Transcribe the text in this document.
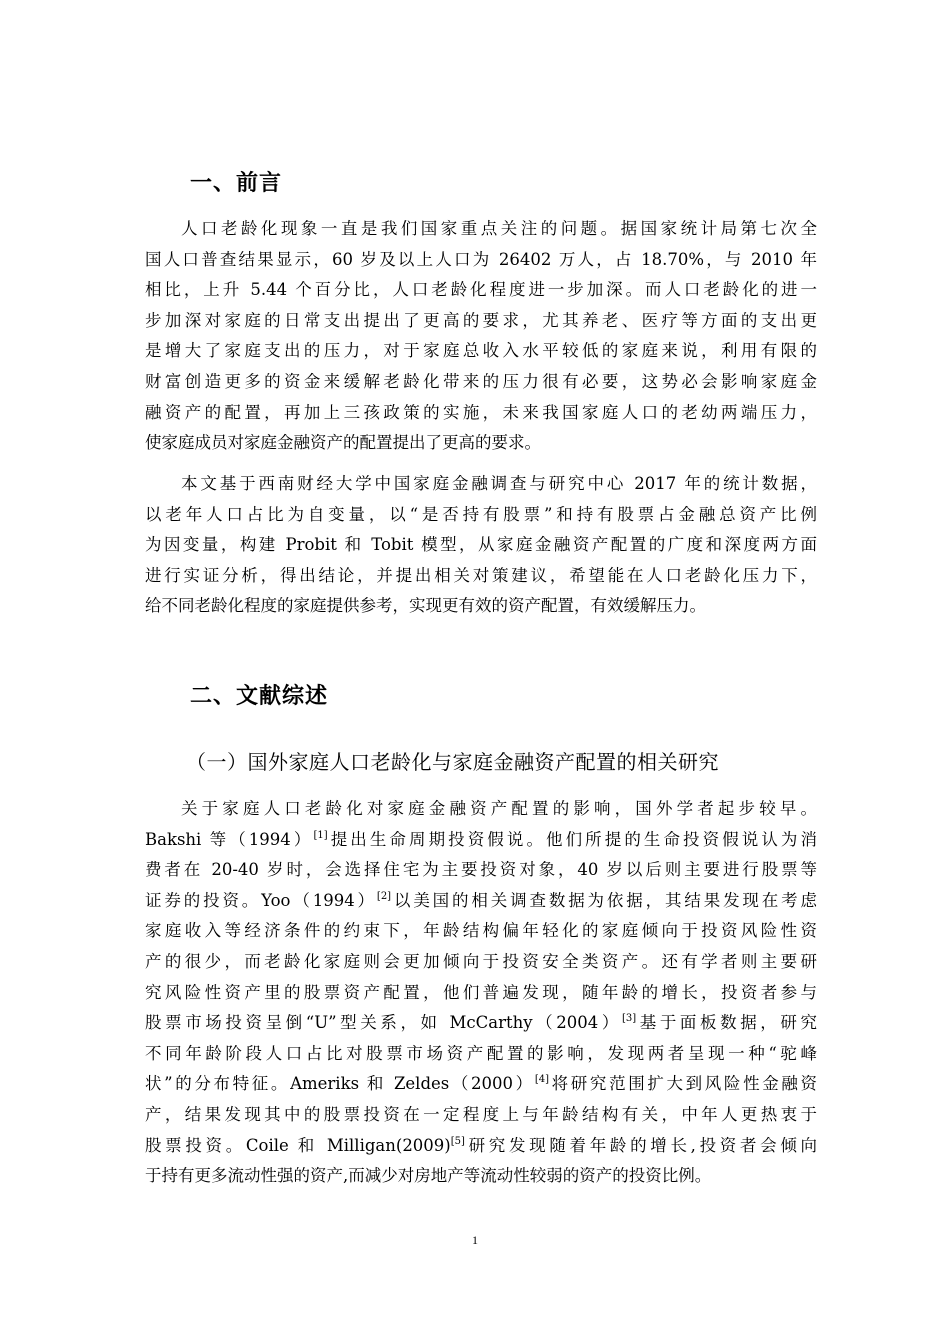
一、前言
人口老龄化现象一直是我们国家重点关注的问题。据国家统计局第七次全
国人口普查结果显示，60 岁及以上人口为 26402 万人，占 18.70%，与 2010 年
相比，上升 5.44 个百分比，人口老龄化程度进一步加深。而人口老龄化的进一
步加深对家庭的日常支出提出了更高的要求，尤其养老、医疗等方面的支出更
是增大了家庭支出的压力，对于家庭总收入水平较低的家庭来说，利用有限的
财富创造更多的资金来缓解老龄化带来的压力很有必要，这势必会影响家庭金
融资产的配置，再加上三孩政策的实施，未来我国家庭人口的老幼两端压力，
使家庭成员对家庭金融资产的配置提出了更高的要求。
本文基于西南财经大学中国家庭金融调查与研究中心 2017 年的统计数据，
以老年人口占比为自变量，以“是否持有股票”和持有股票占金融总资产比例
为因变量，构建 Probit 和 Tobit 模型，从家庭金融资产配置的广度和深度两方面
进行实证分析，得出结论，并提出相关对策建议，希望能在人口老龄化压力下，
给不同老龄化程度的家庭提供参考，实现更有效的资产配置，有效缓解压力。
二、文献综述
（一）国外家庭人口老龄化与家庭金融资产配置的相关研究
关于家庭人口老龄化对家庭金融资产配置的影响，国外学者起步较早。
Bakshi 等（1994）[1]提出生命周期投资假说。他们所提的生命投资假说认为消
费者在 20-40 岁时，会选择住宅为主要投资对象，40 岁以后则主要进行股票等
证券的投资。Yoo（1994）[2]以美国的相关调查数据为依据，其结果发现在考虑
家庭收入等经济条件的约束下，年龄结构偏年轻化的家庭倾向于投资风险性资
产的很少，而老龄化家庭则会更加倾向于投资安全类资产。还有学者则主要研
究风险性资产里的股票资产配置，他们普遍发现，随年龄的增长，投资者参与
股票市场投资呈倒“U”型关系，如 McCarthy（2004）[3]基于面板数据，研究
不同年龄阶段人口占比对股票市场资产配置的影响，发现两者呈现一种“驼峰
状”的分布特征。Ameriks 和 Zeldes（2000）[4]将研究范围扩大到风险性金融资
产，结果发现其中的股票投资在一定程度上与年龄结构有关，中年人更热衷于
股票投资。Coile 和 Milligan(2009)[5]研究发现随着年龄的增长,投资者会倾向
于持有更多流动性强的资产,而减少对房地产等流动性较弱的资产的投资比例。
1
